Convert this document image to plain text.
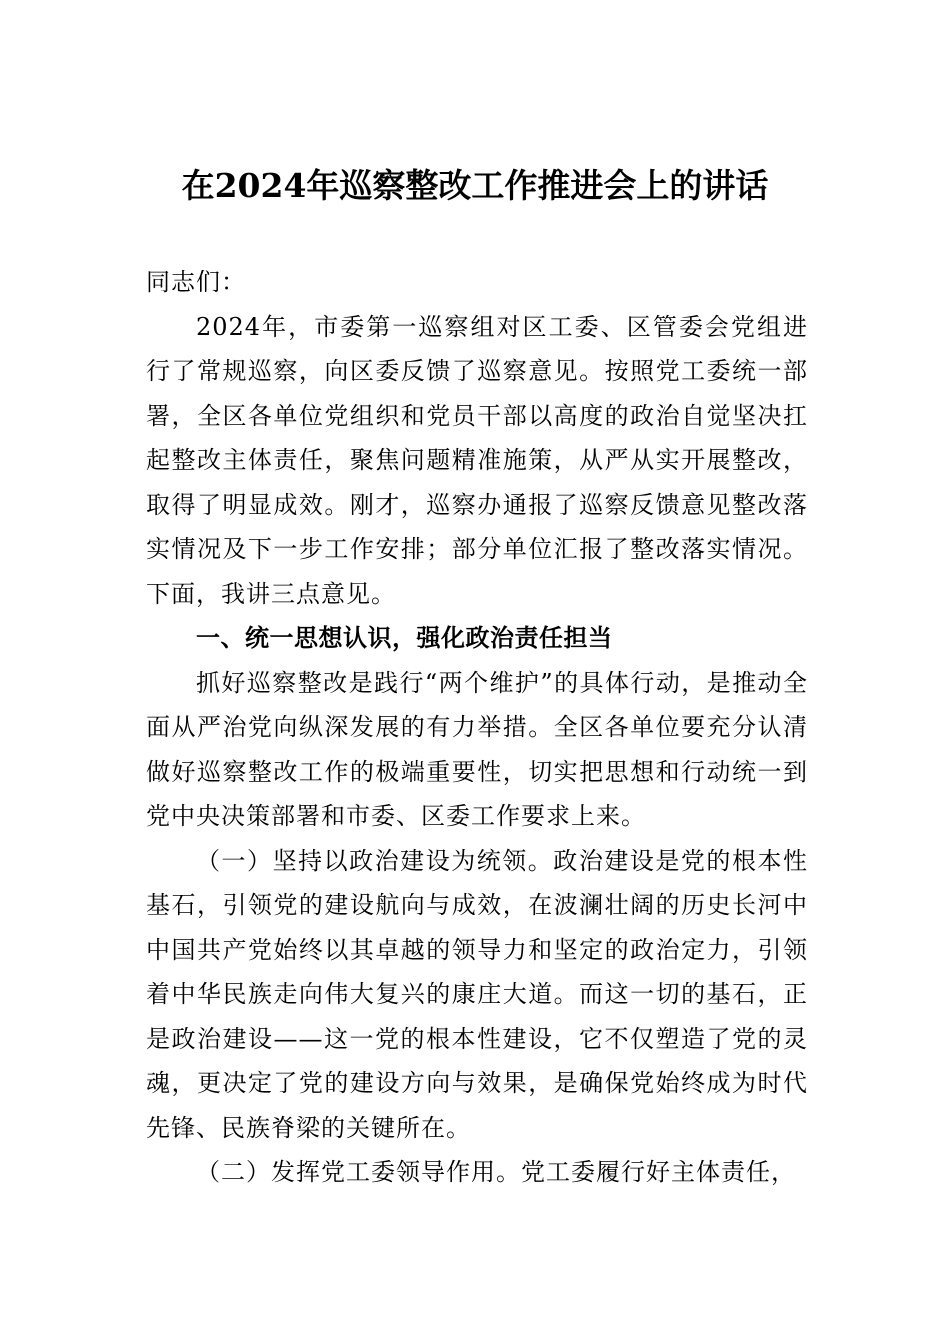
在2024年巡察整改工作推进会上的讲话

同志们：

2024年，市委第一巡察组对区工委、区管委会党组进行了常规巡察，向区委反馈了巡察意见。按照党工委统一部署，全区各单位党组织和党员干部以高度的政治自觉坚决扛起整改主体责任，聚焦问题精准施策，从严从实开展整改，取得了明显成效。刚才，巡察办通报了巡察反馈意见整改落实情况及下一步工作安排；部分单位汇报了整改落实情况。下面，我讲三点意见。

一、统一思想认识，强化政治责任担当

抓好巡察整改是践行“两个维护”的具体行动，是推动全面从严治党向纵深发展的有力举措。全区各单位要充分认清做好巡察整改工作的极端重要性，切实把思想和行动统一到党中央决策部署和市委、区委工作要求上来。

（一）坚持以政治建设为统领。政治建设是党的根本性基石，引领党的建设航向与成效，在波澜壮阔的历史长河中中国共产党始终以其卓越的领导力和坚定的政治定力，引领着中华民族走向伟大复兴的康庄大道。而这一切的基石，正是政治建设——这一党的根本性建设，它不仅塑造了党的灵魂，更决定了党的建设方向与效果，是确保党始终成为时代先锋、民族脊梁的关键所在。

（二）发挥党工委领导作用。党工委履行好主体责任，
